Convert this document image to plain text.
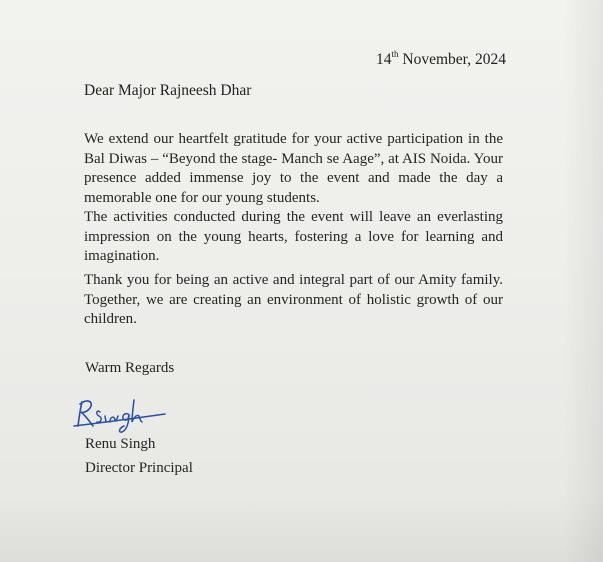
14th November, 2024
Dear Major Rajneesh Dhar

We extend our heartfelt gratitude for your active participation in the Bal Diwas – “Beyond the stage- Manch se Aage”, at AIS Noida. Your presence added immense joy to the event and made the day a memorable one for our young students.

The activities conducted during the event will leave an everlasting impression on the young hearts, fostering a love for learning and imagination.

Thank you for being an active and integral part of our Amity family. Together, we are creating an environment of holistic growth of our children.

Warm Regards
Renu Singh
Director Principal
